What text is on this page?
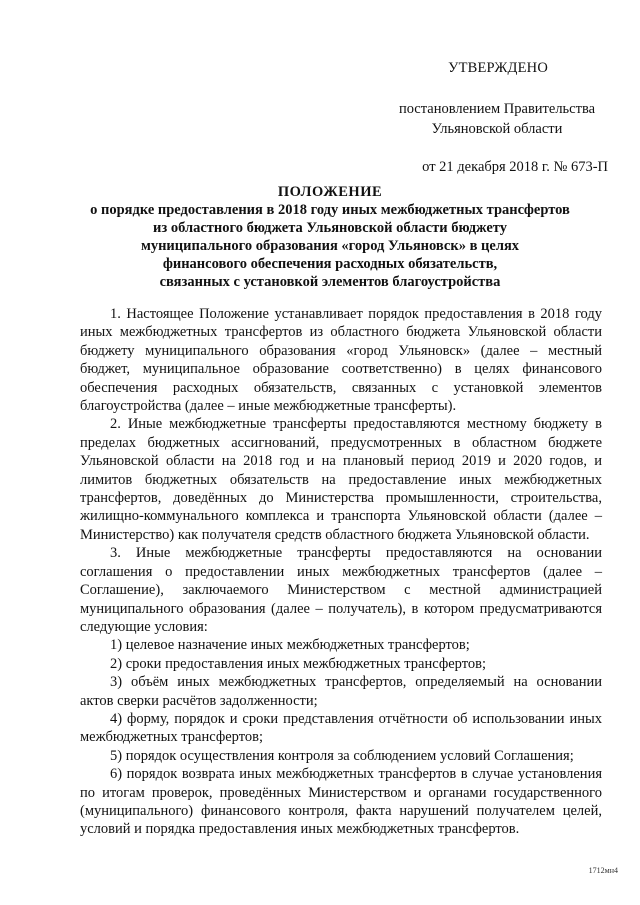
УТВЕРЖДЕНО
постановлением Правительства
Ульяновской области
от 21 декабря 2018 г. № 673-П
ПОЛОЖЕНИЕ
о порядке предоставления в 2018 году иных межбюджетных трансфертов
из областного бюджета Ульяновской области бюджету
муниципального образования «город Ульяновск» в целях
финансового обеспечения расходных обязательств,
связанных с установкой элементов благоустройства

1. Настоящее Положение устанавливает порядок предоставления в 2018 году иных межбюджетных трансфертов из областного бюджета Ульяновской области бюджету муниципального образования «город Ульяновск» (далее – местный бюджет, муниципальное образование соответственно) в целях финансового обеспечения расходных обязательств, связанных с установкой элементов благоустройства (далее – иные межбюджетные трансферты).

2. Иные межбюджетные трансферты предоставляются местному бюджету в пределах бюджетных ассигнований, предусмотренных в областном бюджете Ульяновской области на 2018 год и на плановый период 2019 и 2020 годов, и лимитов бюджетных обязательств на предоставление иных межбюджетных трансфертов, доведённых до Министерства промышленности, строительства, жилищно-коммунального комплекса и транспорта Ульяновской области (далее – Министерство) как получателя средств областного бюджета Ульяновской области.

3. Иные межбюджетные трансферты предоставляются на основании соглашения о предоставлении иных межбюджетных трансфертов (далее – Соглашение), заключаемого Министерством с местной администрацией муниципального образования (далее – получатель), в котором предусматриваются следующие условия:

1) целевое назначение иных межбюджетных трансфертов;

2) сроки предоставления иных межбюджетных трансфертов;

3) объём иных межбюджетных трансфертов, определяемый на основании актов сверки расчётов задолженности;

4) форму, порядок и сроки представления отчётности об использовании иных межбюджетных трансфертов;

5) порядок осуществления контроля за соблюдением условий Соглашения;

6) порядок возврата иных межбюджетных трансфертов в случае установления по итогам проверок, проведённых Министерством и органами государственного (муниципального) финансового контроля, факта нарушений получателем целей, условий и порядка предоставления иных межбюджетных трансфертов.

1712мн4
